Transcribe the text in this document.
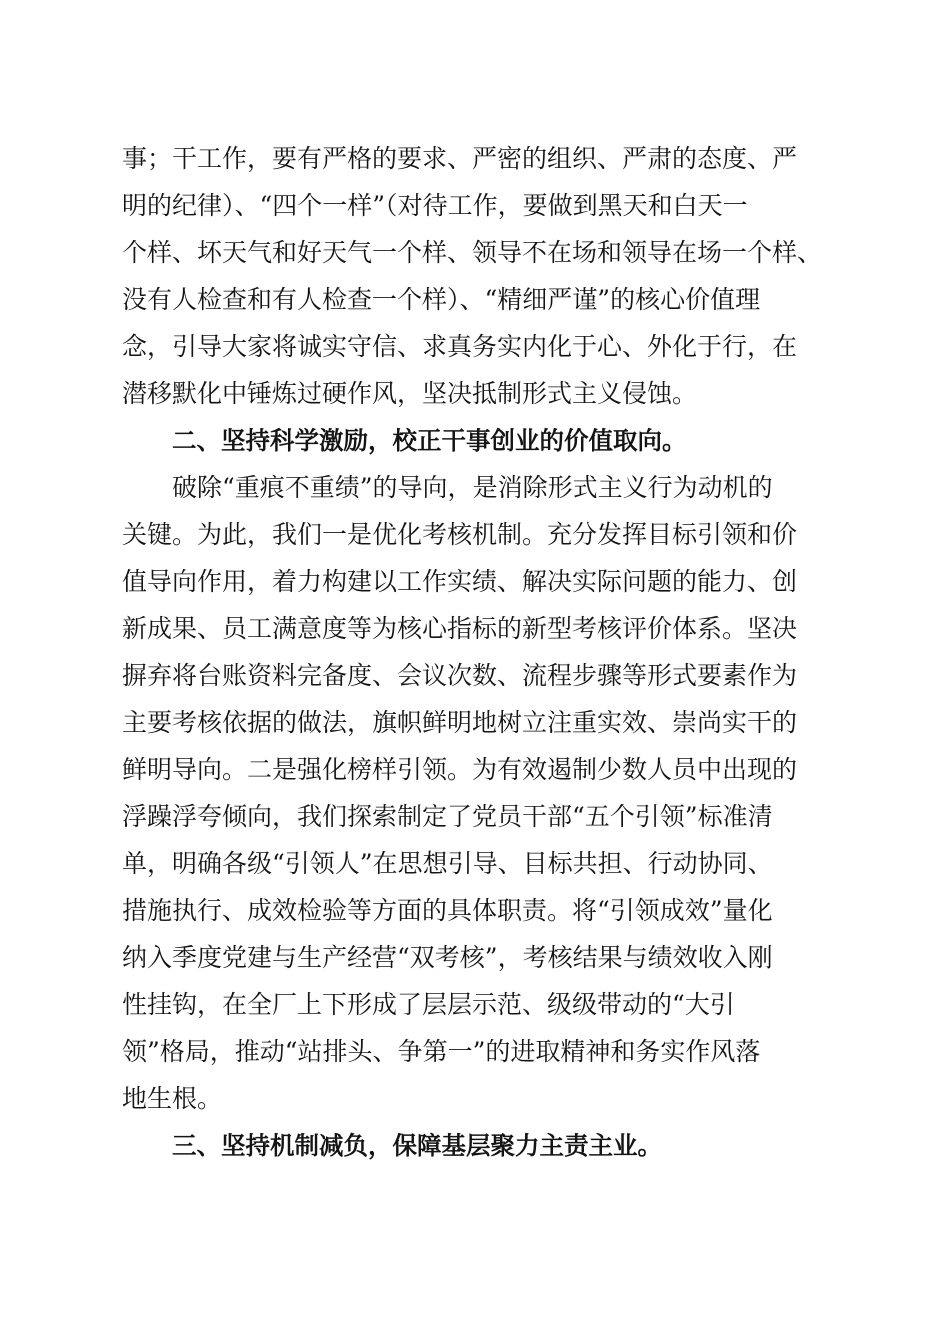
事；干工作，要有严格的要求、严密的组织、严肃的态度、严
明的纪律）、“四个一样”（对待工作，要做到黑天和白天一
个样、坏天气和好天气一个样、领导不在场和领导在场一个样、
没有人检查和有人检查一个样）、“精细严谨”的核心价值理
念，引导大家将诚实守信、求真务实内化于心、外化于行，在
潜移默化中锤炼过硬作风，坚决抵制形式主义侵蚀。
二、坚持科学激励，校正干事创业的价值取向。
破除“重痕不重绩”的导向，是消除形式主义行为动机的
关键。为此，我们一是优化考核机制。充分发挥目标引领和价
值导向作用，着力构建以工作实绩、解决实际问题的能力、创
新成果、员工满意度等为核心指标的新型考核评价体系。坚决
摒弃将台账资料完备度、会议次数、流程步骤等形式要素作为
主要考核依据的做法，旗帜鲜明地树立注重实效、崇尚实干的
鲜明导向。二是强化榜样引领。为有效遏制少数人员中出现的
浮躁浮夸倾向，我们探索制定了党员干部“五个引领”标准清
单，明确各级“引领人”在思想引导、目标共担、行动协同、
措施执行、成效检验等方面的具体职责。将“引领成效”量化
纳入季度党建与生产经营“双考核”，考核结果与绩效收入刚
性挂钩，在全厂上下形成了层层示范、级级带动的“大引
领”格局，推动“站排头、争第一”的进取精神和务实作风落
地生根。
三、坚持机制减负，保障基层聚力主责主业。
